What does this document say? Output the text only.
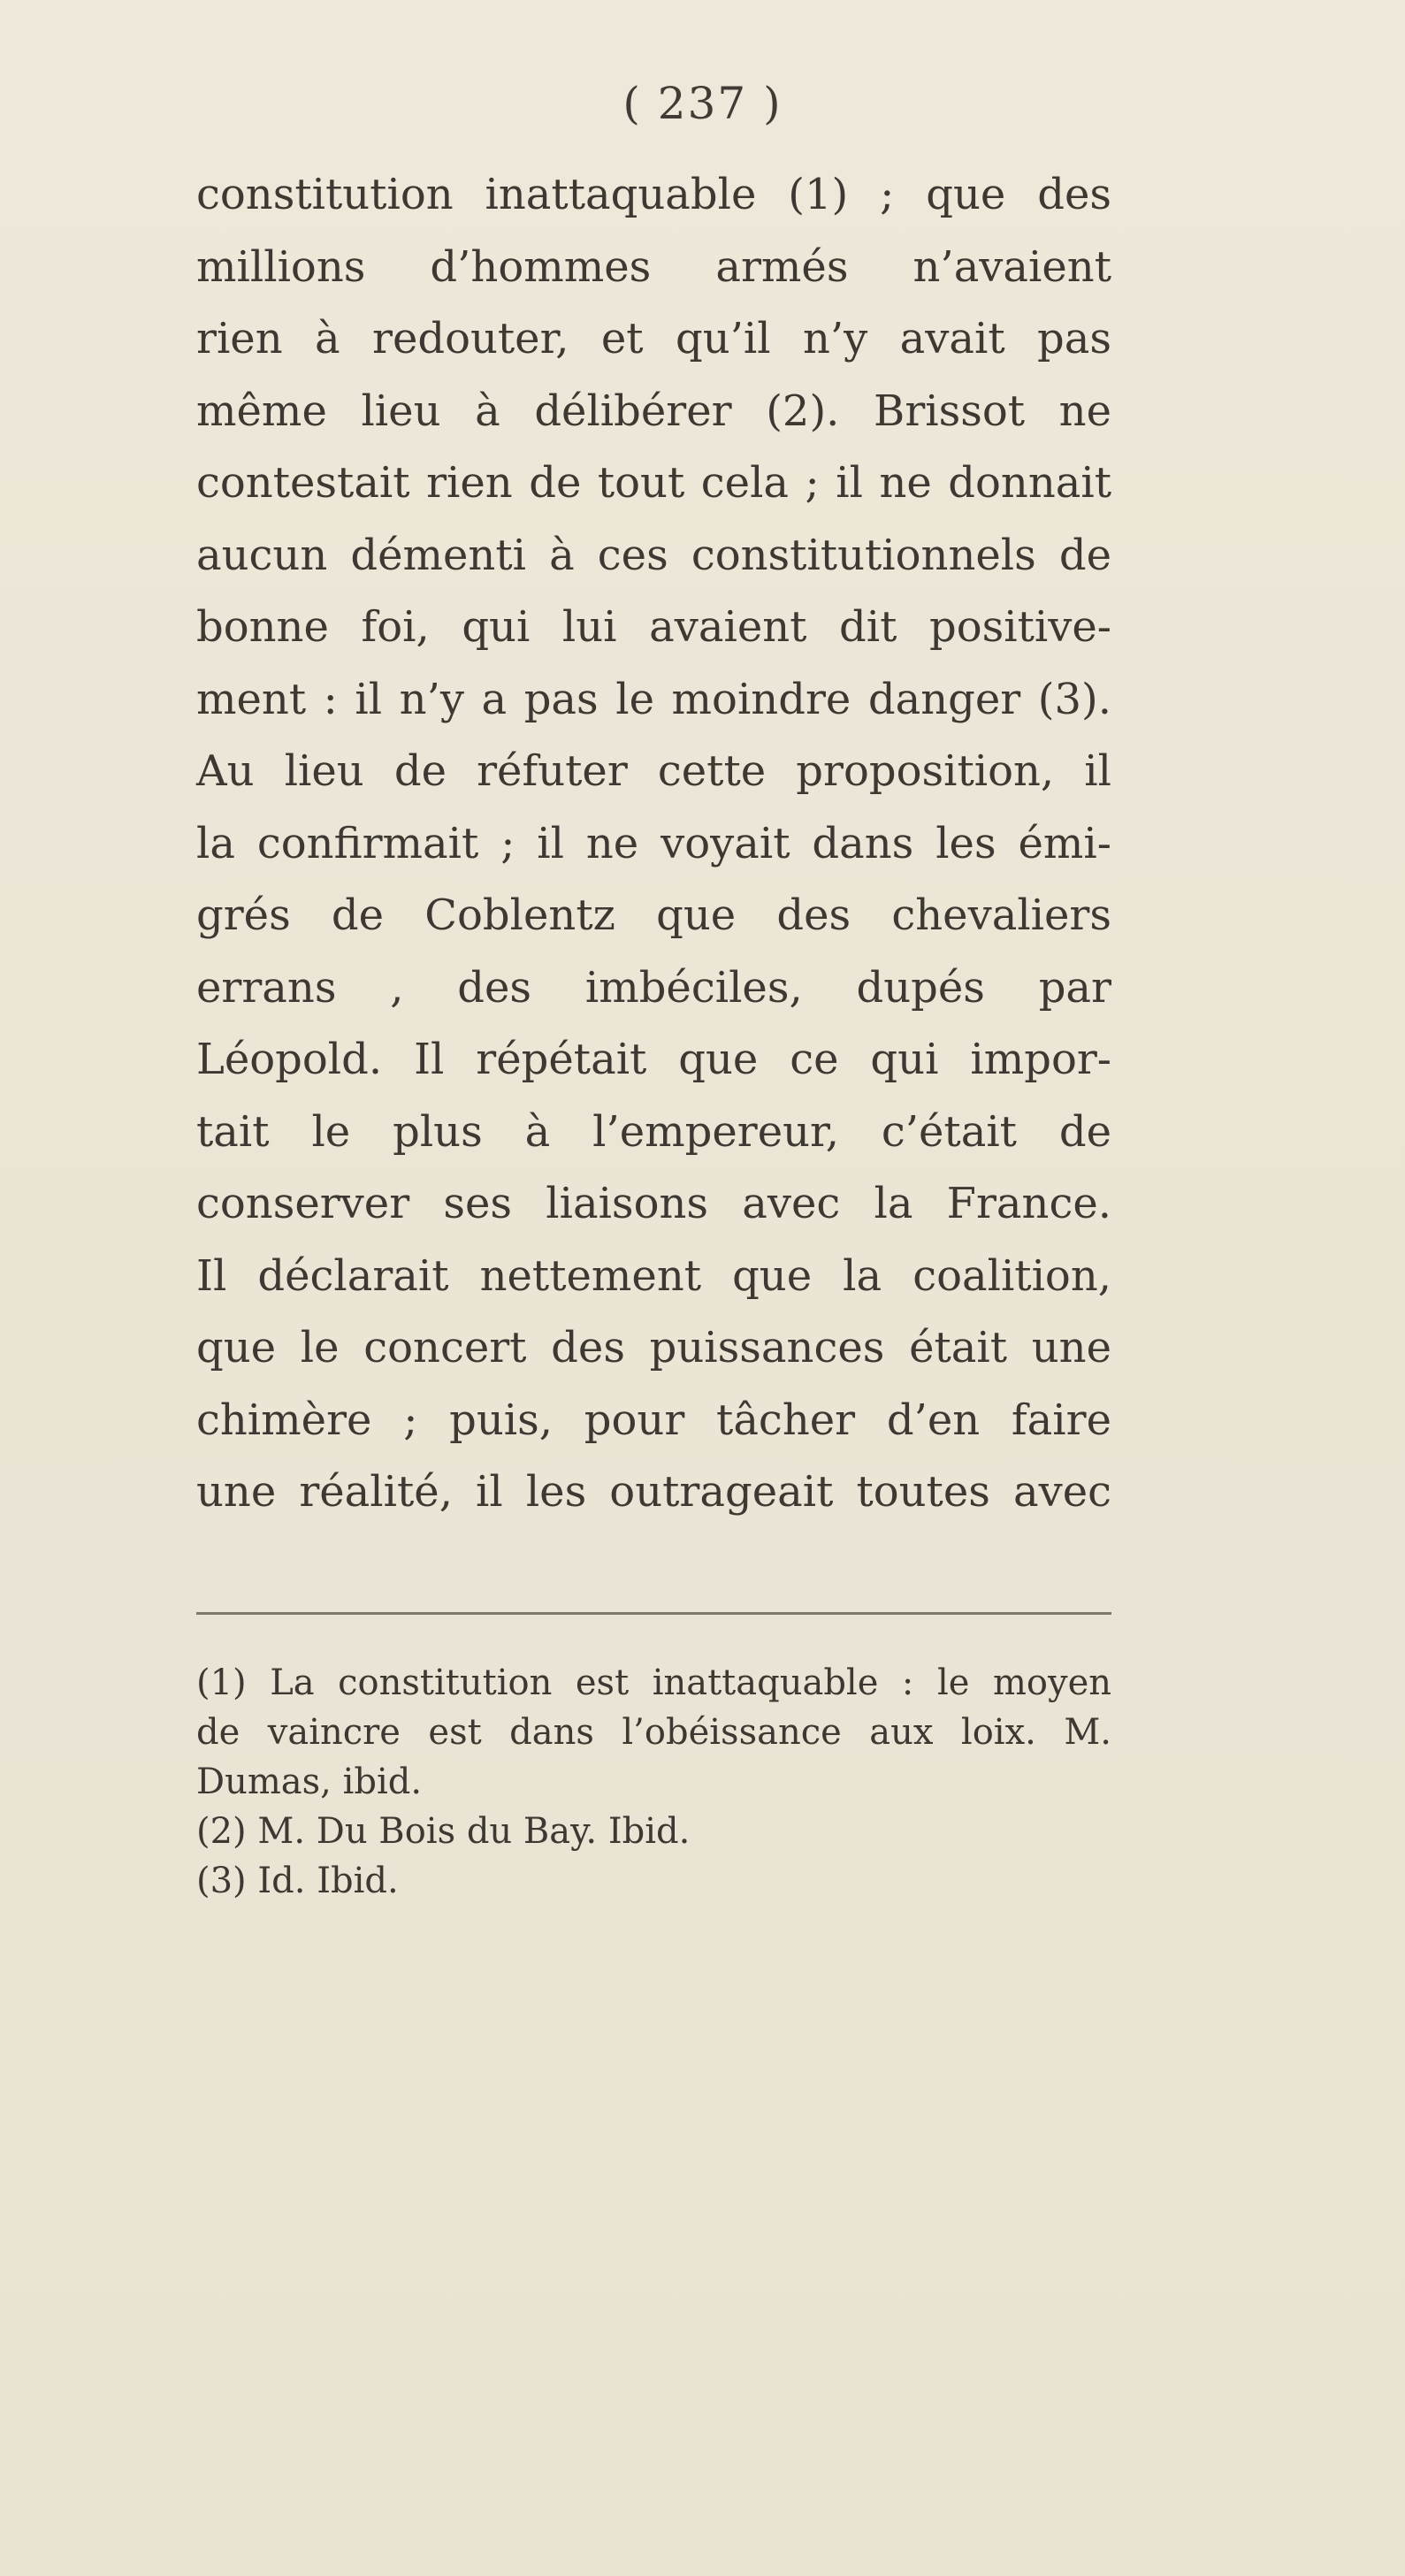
( 237 )
constitution inattaquable (1) ; que des
millions d’hommes armés n’avaient
rien à redouter, et qu’il n’y avait pas
même lieu à délibérer (2). Brissot ne
contestait rien de tout cela ; il ne donnait
aucun démenti à ces constitutionnels de
bonne foi, qui lui avaient dit positive-
ment : il n’y a pas le moindre danger (3).
Au lieu de réfuter cette proposition, il
la confirmait ; il ne voyait dans les émi-
grés de Coblentz que des chevaliers
errans , des imbéciles, dupés par
Léopold. Il répétait que ce qui impor-
tait le plus à l’empereur, c’était de
conserver ses liaisons avec la France.
Il déclarait nettement que la coalition,
que le concert des puissances était une
chimère ; puis, pour tâcher d’en faire
une réalité, il les outrageait toutes avec
(1) La constitution est inattaquable : le moyen
de vaincre est dans l’obéissance aux loix. M.
Dumas, ibid.
(2) M. Du Bois du Bay. Ibid.
(3) Id. Ibid.
